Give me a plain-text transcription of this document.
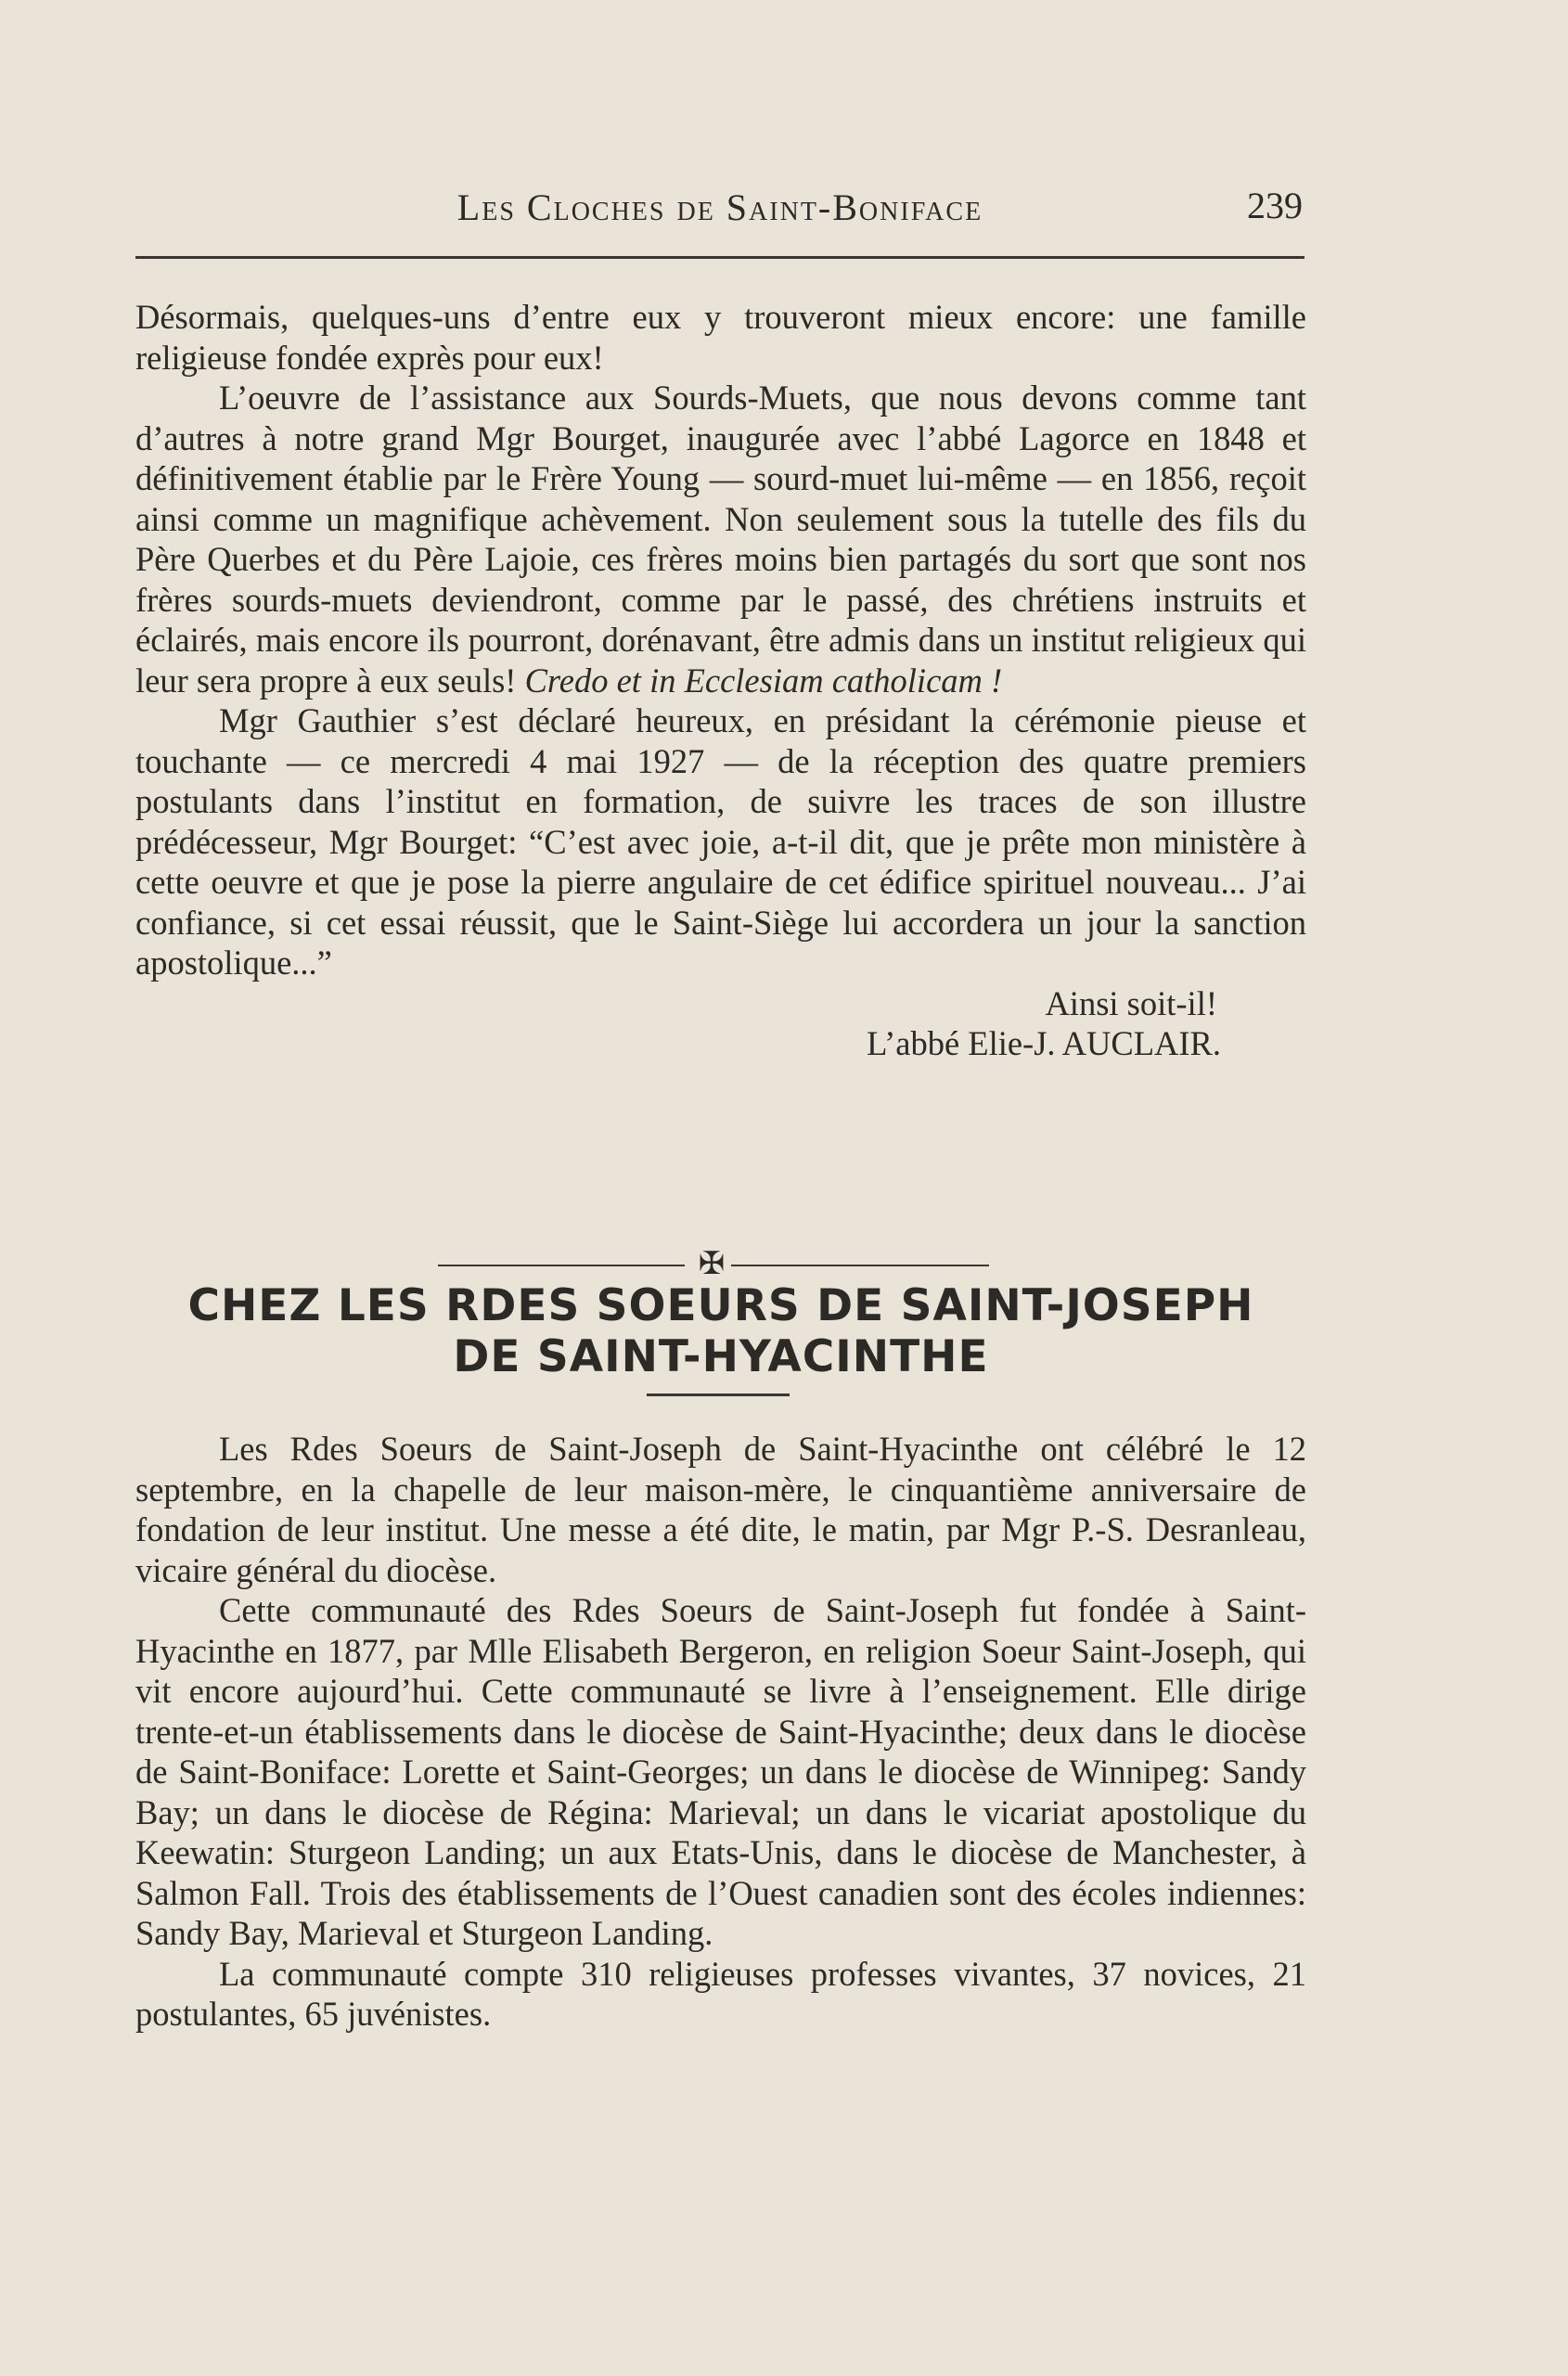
Les Cloches de Saint-Boniface	239

Désormais, quelques-uns d’entre eux y trouveront mieux encore: une famille religieuse fondée exprès pour eux!

L’oeuvre de l’assistance aux Sourds-Muets, que nous devons comme tant d’autres à notre grand Mgr Bourget, inaugurée avec l’abbé Lagorce en 1848 et définitivement établie par le Frère Young — sourd-muet lui-même — en 1856, reçoit ainsi comme un magnifique achèvement. Non seulement sous la tutelle des fils du Père Querbes et du Père Lajoie, ces frères moins bien partagés du sort que sont nos frères sourds-muets deviendront, comme par le passé, des chrétiens instruits et éclairés, mais encore ils pourront, dorénavant, être admis dans un institut religieux qui leur sera propre à eux seuls! Credo et in Ecclesiam catholicam !

Mgr Gauthier s’est déclaré heureux, en présidant la cérémonie pieuse et touchante — ce mercredi 4 mai 1927 — de la réception des quatre premiers postulants dans l’institut en formation, de suivre les traces de son illustre prédécesseur, Mgr Bourget: “C’est avec joie, a-t-il dit, que je prête mon ministère à cette oeuvre et que je pose la pierre angulaire de cet édifice spirituel nouveau... J’ai confiance, si cet essai réussit, que le Saint-Siège lui accordera un jour la sanction apostolique...”

Ainsi soit-il!

L’abbé Elie-J. AUCLAIR.

✠
CHEZ LES RDES SOEURS DE SAINT-JOSEPH
DE SAINT-HYACINTHE

Les Rdes Soeurs de Saint-Joseph de Saint-Hyacinthe ont célébré le 12 septembre, en la chapelle de leur maison-mère, le cinquantième anniversaire de fondation de leur institut. Une messe a été dite, le matin, par Mgr P.-S. Desranleau, vicaire général du diocèse.

Cette communauté des Rdes Soeurs de Saint-Joseph fut fondée à Saint-Hyacinthe en 1877, par Mlle Elisabeth Bergeron, en religion Soeur Saint-Joseph, qui vit encore aujourd’hui. Cette communauté se livre à l’enseignement. Elle dirige trente-et-un établissements dans le diocèse de Saint-Hyacinthe; deux dans le diocèse de Saint-Boniface: Lorette et Saint-Georges; un dans le diocèse de Winnipeg: Sandy Bay; un dans le diocèse de Régina: Marieval; un dans le vicariat apostolique du Keewatin: Sturgeon Landing; un aux Etats-Unis, dans le diocèse de Manchester, à Salmon Fall. Trois des établissements de l’Ouest canadien sont des écoles indiennes: Sandy Bay, Marieval et Sturgeon Landing.

La communauté compte 310 religieuses professes vivantes, 37 novices, 21 postulantes, 65 juvénistes.
